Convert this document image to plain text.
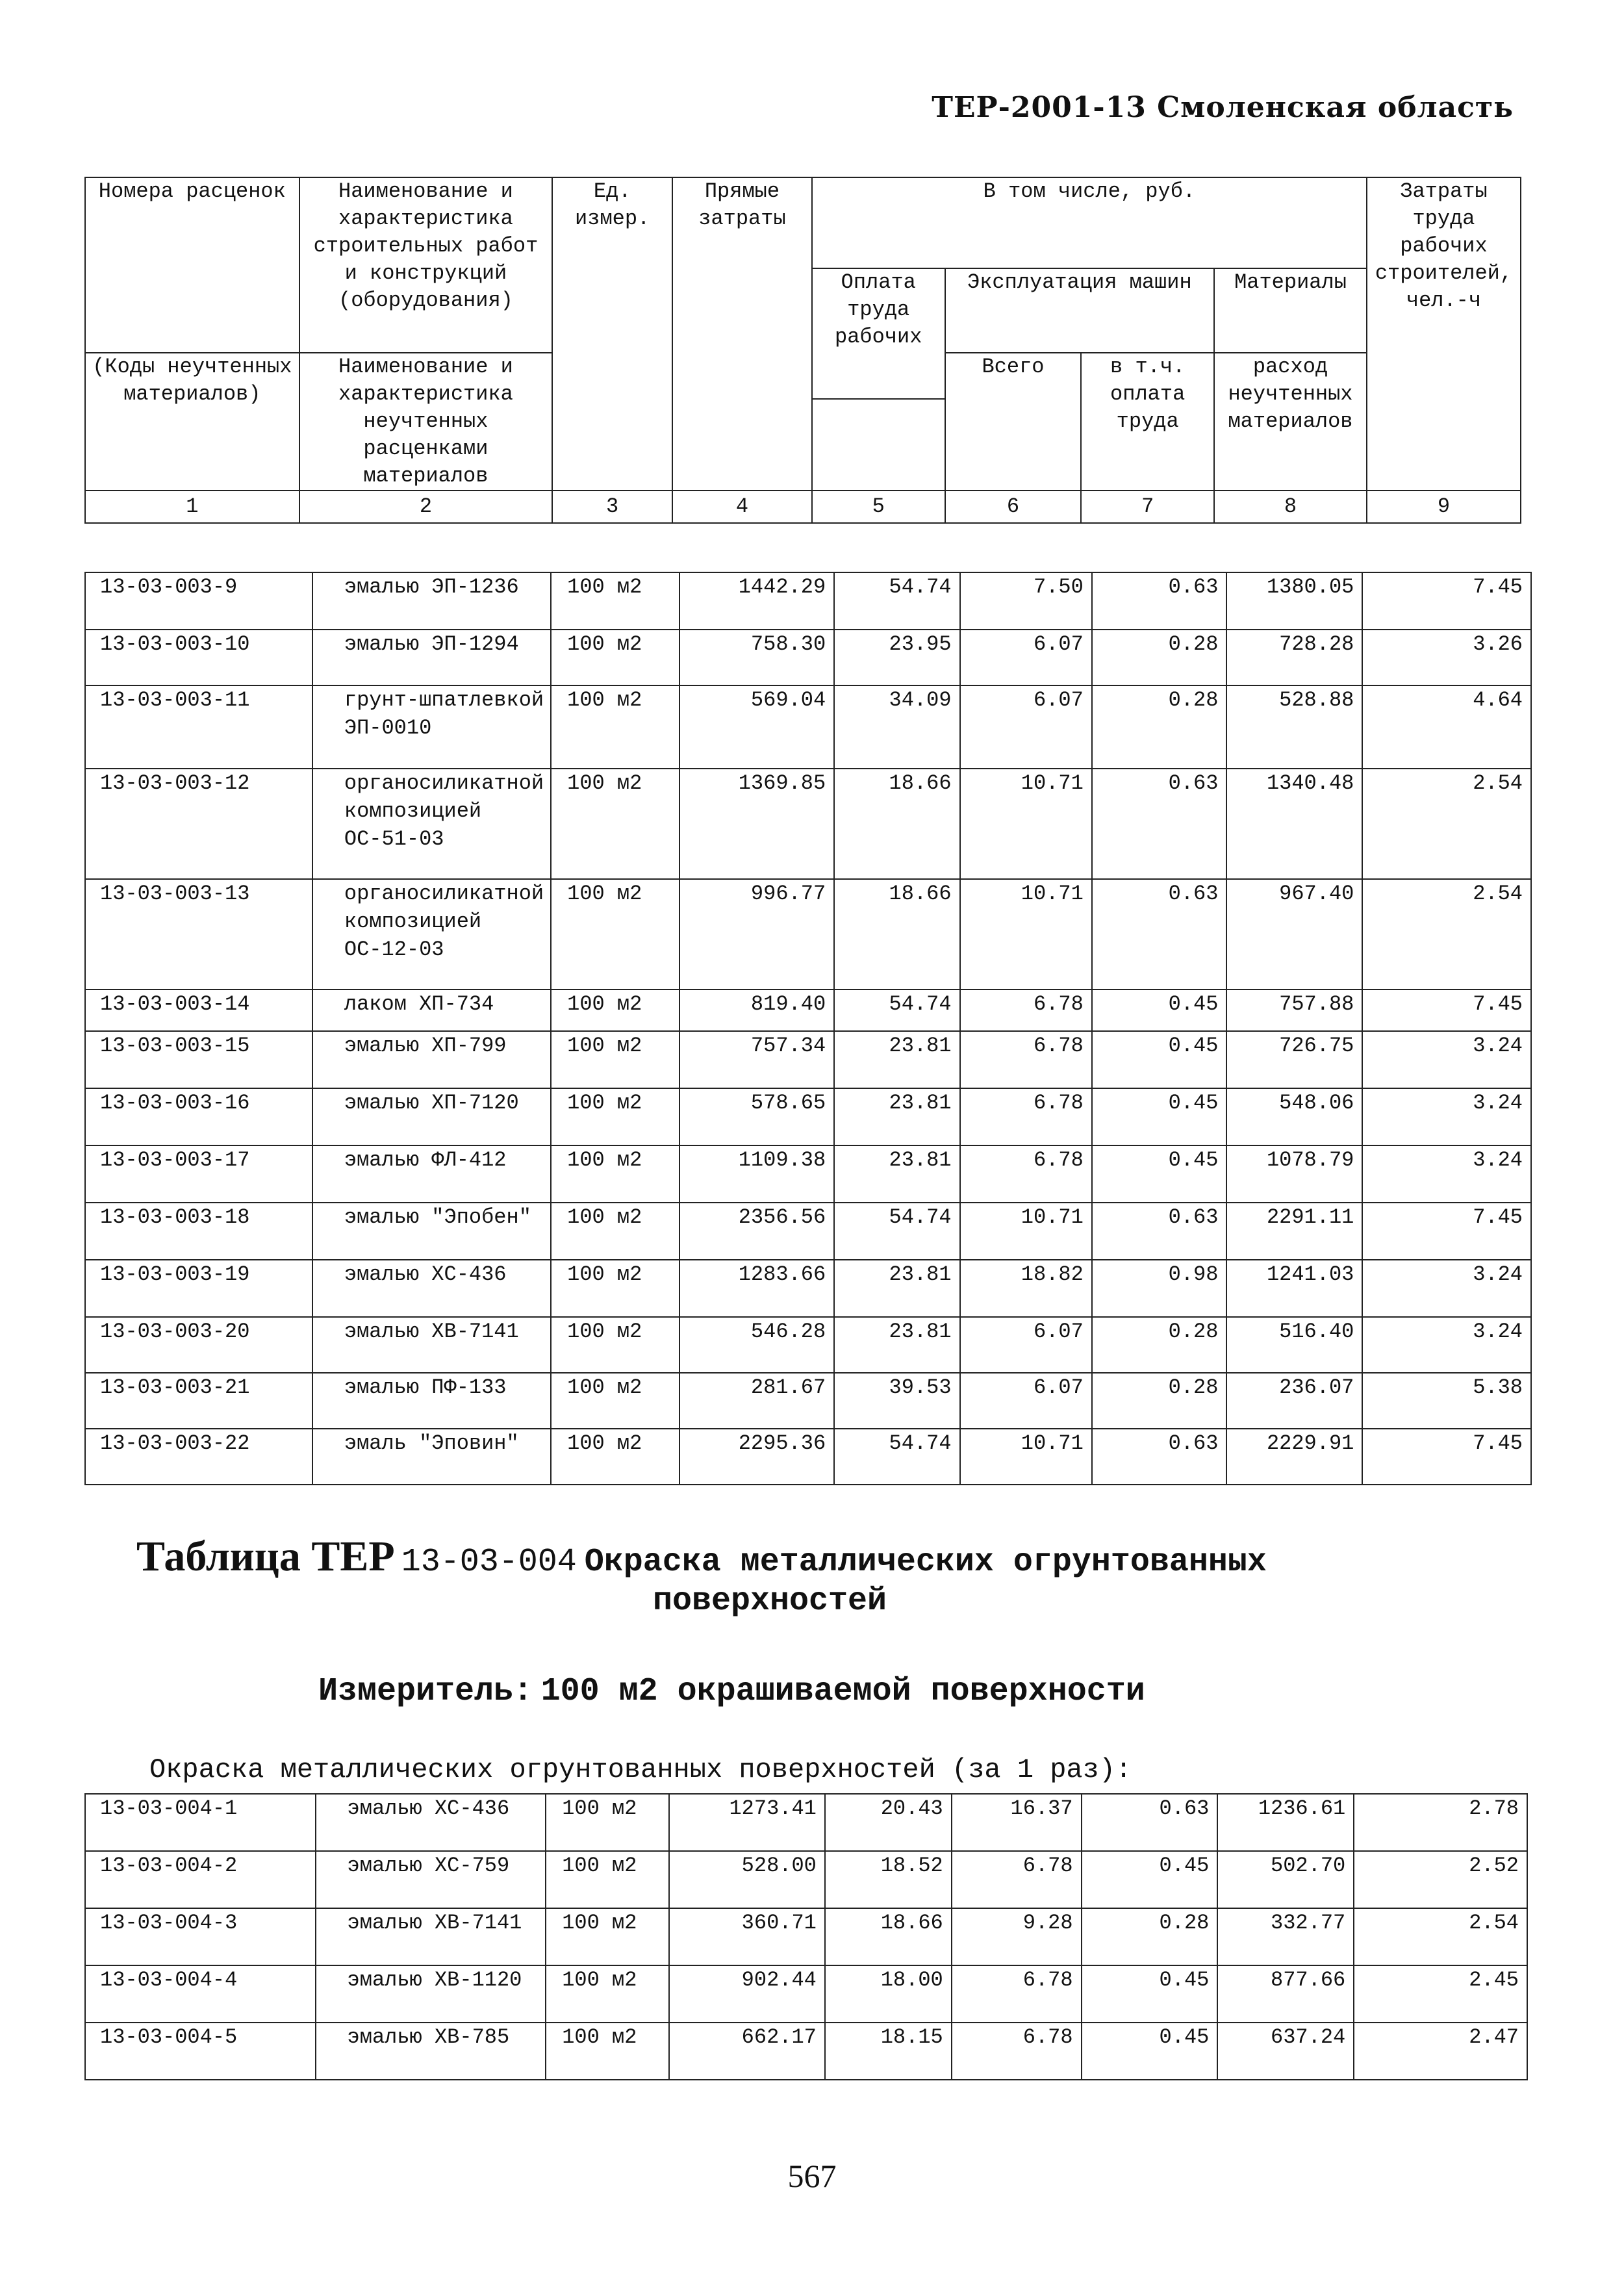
ТЕР-2001-13 Смоленская область
Номера расценок	Наименование и характеристика строительных работ и конструкций (оборудования)	Ед. измер.	Прямые затраты	В том числе, руб.				Затраты труда рабочих строителей, чел.-ч
				Оплата труда рабочих	Эксплуатация машин		Материалы	
(Коды неучтенных материалов)	Наименование и характеристика неучтенных расценками материалов				Всего	в т.ч. оплата труда	расход неучтенных материалов	

1	2	3	4	5	6	7	8	9
13-03-003-9	эмалью ЭП-1236	100 м2	1442.29	54.74	7.50	0.63	1380.05	7.45
13-03-003-10	эмалью ЭП-1294	100 м2	758.30	23.95	6.07	0.28	728.28	3.26
13-03-003-11	грунт-шпатлевкой ЭП-0010	100 м2	569.04	34.09	6.07	0.28	528.88	4.64
13-03-003-12	органосиликатной композицией ОС-51-03	100 м2	1369.85	18.66	10.71	0.63	1340.48	2.54
13-03-003-13	органосиликатной композицией ОС-12-03	100 м2	996.77	18.66	10.71	0.63	967.40	2.54
13-03-003-14	лаком ХП-734	100 м2	819.40	54.74	6.78	0.45	757.88	7.45
13-03-003-15	эмалью ХП-799	100 м2	757.34	23.81	6.78	0.45	726.75	3.24
13-03-003-16	эмалью ХП-7120	100 м2	578.65	23.81	6.78	0.45	548.06	3.24
13-03-003-17	эмалью ФЛ-412	100 м2	1109.38	23.81	6.78	0.45	1078.79	3.24
13-03-003-18	эмалью "Эпобен"	100 м2	2356.56	54.74	10.71	0.63	2291.11	7.45
13-03-003-19	эмалью ХС-436	100 м2	1283.66	23.81	18.82	0.98	1241.03	3.24
13-03-003-20	эмалью ХВ-7141	100 м2	546.28	23.81	6.07	0.28	516.40	3.24
13-03-003-21	эмалью ПФ-133	100 м2	281.67	39.53	6.07	0.28	236.07	5.38
13-03-003-22	эмаль "Эповин"	100 м2	2295.36	54.74	10.71	0.63	2229.91	7.45
Таблица ТЕР 13-03-004 Окраска металлических огрунтованных
поверхностей
Измеритель: 100 м2 окрашиваемой поверхности
Окраска металлических огрунтованных поверхностей (за 1 раз):
13-03-004-1	эмалью ХС-436	100 м2	1273.41	20.43	16.37	0.63	1236.61	2.78
13-03-004-2	эмалью ХС-759	100 м2	528.00	18.52	6.78	0.45	502.70	2.52
13-03-004-3	эмалью ХВ-7141	100 м2	360.71	18.66	9.28	0.28	332.77	2.54
13-03-004-4	эмалью ХВ-1120	100 м2	902.44	18.00	6.78	0.45	877.66	2.45
13-03-004-5	эмалью ХВ-785	100 м2	662.17	18.15	6.78	0.45	637.24	2.47
567
